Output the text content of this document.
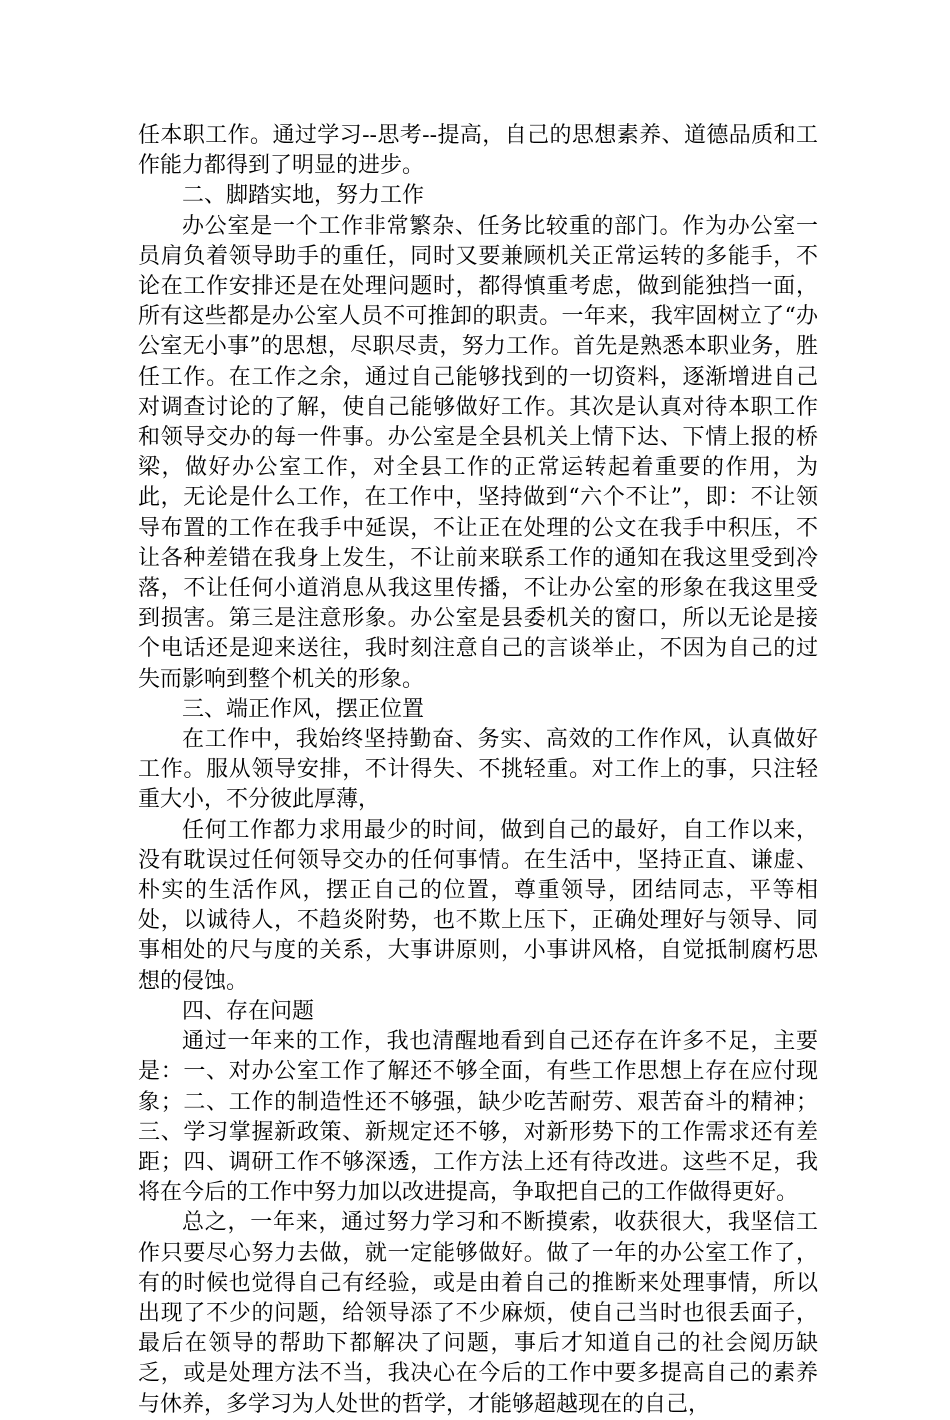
任本职工作。通过学习--思考--提高，自己的思想素养、道德品质和工作能力都得到了明显的进步。

二、脚踏实地，努力工作

办公室是一个工作非常繁杂、任务比较重的部门。作为办公室一员肩负着领导助手的重任，同时又要兼顾机关正常运转的多能手，不论在工作安排还是在处理问题时，都得慎重考虑，做到能独挡一面，所有这些都是办公室人员不可推卸的职责。一年来，我牢固树立了“办公室无小事”的思想，尽职尽责，努力工作。首先是熟悉本职业务，胜任工作。在工作之余，通过自己能够找到的一切资料，逐渐增进自己对调查讨论的了解，使自己能够做好工作。其次是认真对待本职工作和领导交办的每一件事。办公室是全县机关上情下达、下情上报的桥梁，做好办公室工作，对全县工作的正常运转起着重要的作用，为此，无论是什么工作，在工作中，坚持做到“六个不让”，即：不让领导布置的工作在我手中延误，不让正在处理的公文在我手中积压，不让各种差错在我身上发生，不让前来联系工作的通知在我这里受到冷落，不让任何小道消息从我这里传播，不让办公室的形象在我这里受到损害。第三是注意形象。办公室是县委机关的窗口，所以无论是接个电话还是迎来送往，我时刻注意自己的言谈举止，不因为自己的过失而影响到整个机关的形象。

三、端正作风，摆正位置

在工作中，我始终坚持勤奋、务实、高效的工作作风，认真做好工作。服从领导安排，不计得失、不挑轻重。对工作上的事，只注轻重大小，不分彼此厚薄，

任何工作都力求用最少的时间，做到自己的最好，自工作以来，没有耽误过任何领导交办的任何事情。在生活中，坚持正直、谦虚、朴实的生活作风，摆正自己的位置，尊重领导，团结同志，平等相处，以诚待人，不趋炎附势，也不欺上压下，正确处理好与领导、同事相处的尺与度的关系，大事讲原则，小事讲风格，自觉抵制腐朽思想的侵蚀。

四、存在问题

通过一年来的工作，我也清醒地看到自己还存在许多不足，主要是：一、对办公室工作了解还不够全面，有些工作思想上存在应付现象；二、工作的制造性还不够强，缺少吃苦耐劳、艰苦奋斗的精神；三、学习掌握新政策、新规定还不够，对新形势下的工作需求还有差距；四、调研工作不够深透，工作方法上还有待改进。这些不足，我将在今后的工作中努力加以改进提高，争取把自己的工作做得更好。

总之，一年来，通过努力学习和不断摸索，收获很大，我坚信工作只要尽心努力去做，就一定能够做好。做了一年的办公室工作了，有的时候也觉得自己有经验，或是由着自己的推断来处理事情，所以出现了不少的问题，给领导添了不少麻烦，使自己当时也很丢面子，最后在领导的帮助下都解决了问题，事后才知道自己的社会阅历缺乏，或是处理方法不当，我决心在今后的工作中要多提高自己的素养与休养，多学习为人处世的哲学，才能够超越现在的自己，
